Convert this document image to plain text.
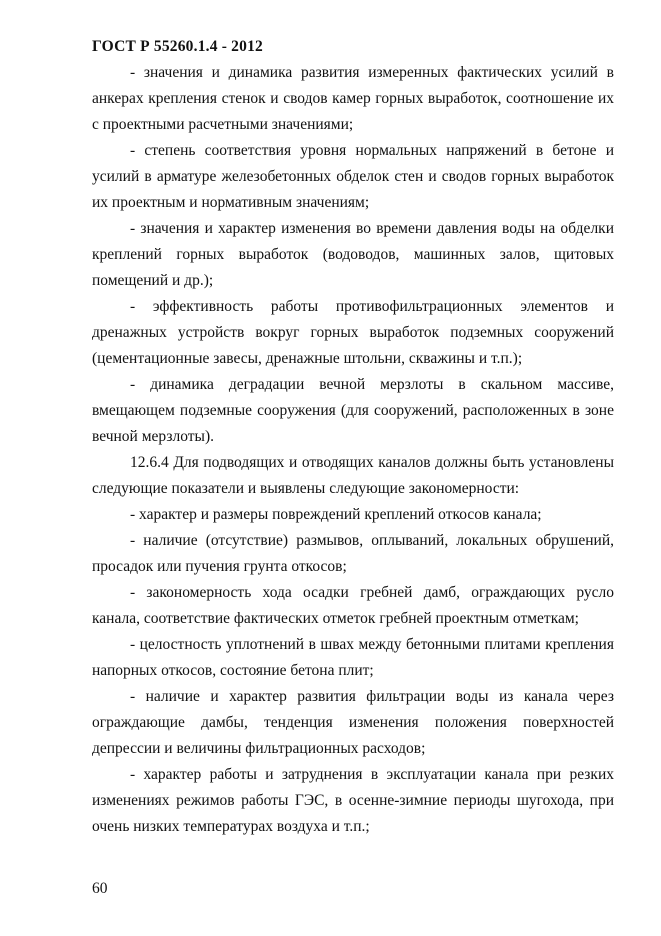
ГОСТ Р 55260.1.4 - 2012

- значения и динамика развития измеренных фактических усилий в анкерах крепления стенок и сводов камер горных выработок, соотношение их с проектными расчетными значениями;

- степень соответствия уровня нормальных напряжений в бетоне и усилий в арматуре железобетонных обделок стен и сводов горных выработок их проектным и нормативным значениям;

- значения и характер изменения во времени давления воды на обделки креплений горных выработок (водоводов, машинных залов, щитовых помещений и др.);

- эффективность работы противофильтрационных элементов и дренажных устройств вокруг горных выработок подземных сооружений (цементационные завесы, дренажные штольни, скважины и т.п.);

- динамика деградации вечной мерзлоты в скальном массиве, вмещающем подземные сооружения (для сооружений, расположенных в зоне вечной мерзлоты).

12.6.4 Для подводящих и отводящих каналов должны быть установлены следующие показатели и выявлены следующие закономерности:

- характер и размеры повреждений креплений откосов канала;

- наличие (отсутствие) размывов, оплываний, локальных обрушений, просадок или пучения грунта откосов;

- закономерность хода осадки гребней дамб, ограждающих русло канала, соответствие фактических отметок гребней проектным отметкам;

- целостность уплотнений в швах между бетонными плитами крепления напорных откосов, состояние бетона плит;

- наличие и характер развития фильтрации воды из канала через ограждающие дамбы, тенденция изменения положения поверхностей депрессии и величины фильтрационных расходов;

- характер работы и затруднения в эксплуатации канала при резких изменениях режимов работы ГЭС, в осенне-зимние периоды шугохода, при очень низких температурах воздуха и т.п.;

60
